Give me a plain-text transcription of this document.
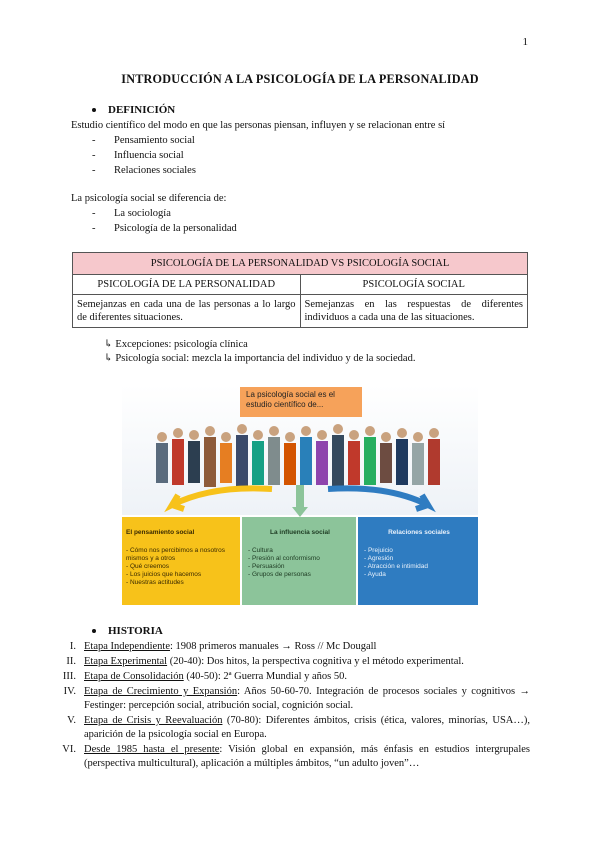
1
INTRODUCCIÓN A LA PSICOLOGÍA DE LA PERSONALIDAD
DEFINICIÓN
Estudio científico del modo en que las personas piensan, influyen y se relacionan entre sí
- Pensamiento social
- Influencia social
- Relaciones sociales
La psicología social se diferencia de:
- La sociología
- Psicología de la personalidad
PSICOLOGÍA DE LA PERSONALIDAD VS PSICOLOGÍA SOCIAL	
PSICOLOGÍA DE LA PERSONALIDAD	PSICOLOGÍA SOCIAL
Semejanzas en cada una de las personas a lo largo de diferentes situaciones.	Semejanzas en las respuestas de diferentes individuos a cada una de las situaciones.
↳ Excepciones: psicología clínica
↳ Psicología social: mezcla la importancia del individuo y de la sociedad.
La psicología social es el estudio científico de...
El pensamiento social
- Cómo nos percibimos a nosotros mismos y a otros
- Qué creemos
- Los juicios que hacemos
- Nuestras actitudes
La influencia social
- Cultura
- Presión al conformismo
- Persuasión
- Grupos de personas
Relaciones sociales
- Prejuicio
- Agresión
- Atracción e intimidad
- Ayuda
HISTORIA
I. Etapa Independiente: 1908 primeros manuales → Ross // Mc Dougall
II. Etapa Experimental (20-40): Dos hitos, la perspectiva cognitiva y el método experimental.
III. Etapa de Consolidación (40-50): 2ª Guerra Mundial y años 50.
IV. Etapa de Crecimiento y Expansión: Años 50-60-70. Integración de procesos sociales y cognitivos → Festinger: percepción social, atribución social, cognición social.
V. Etapa de Crisis y Reevaluación (70-80): Diferentes ámbitos, crisis (ética, valores, minorías, USA…), aparición de la psicología social en Europa.
VI. Desde 1985 hasta el presente: Visión global en expansión, más énfasis en estudios intergrupales (perspectiva multicultural), aplicación a múltiples ámbitos, “un adulto joven”…
